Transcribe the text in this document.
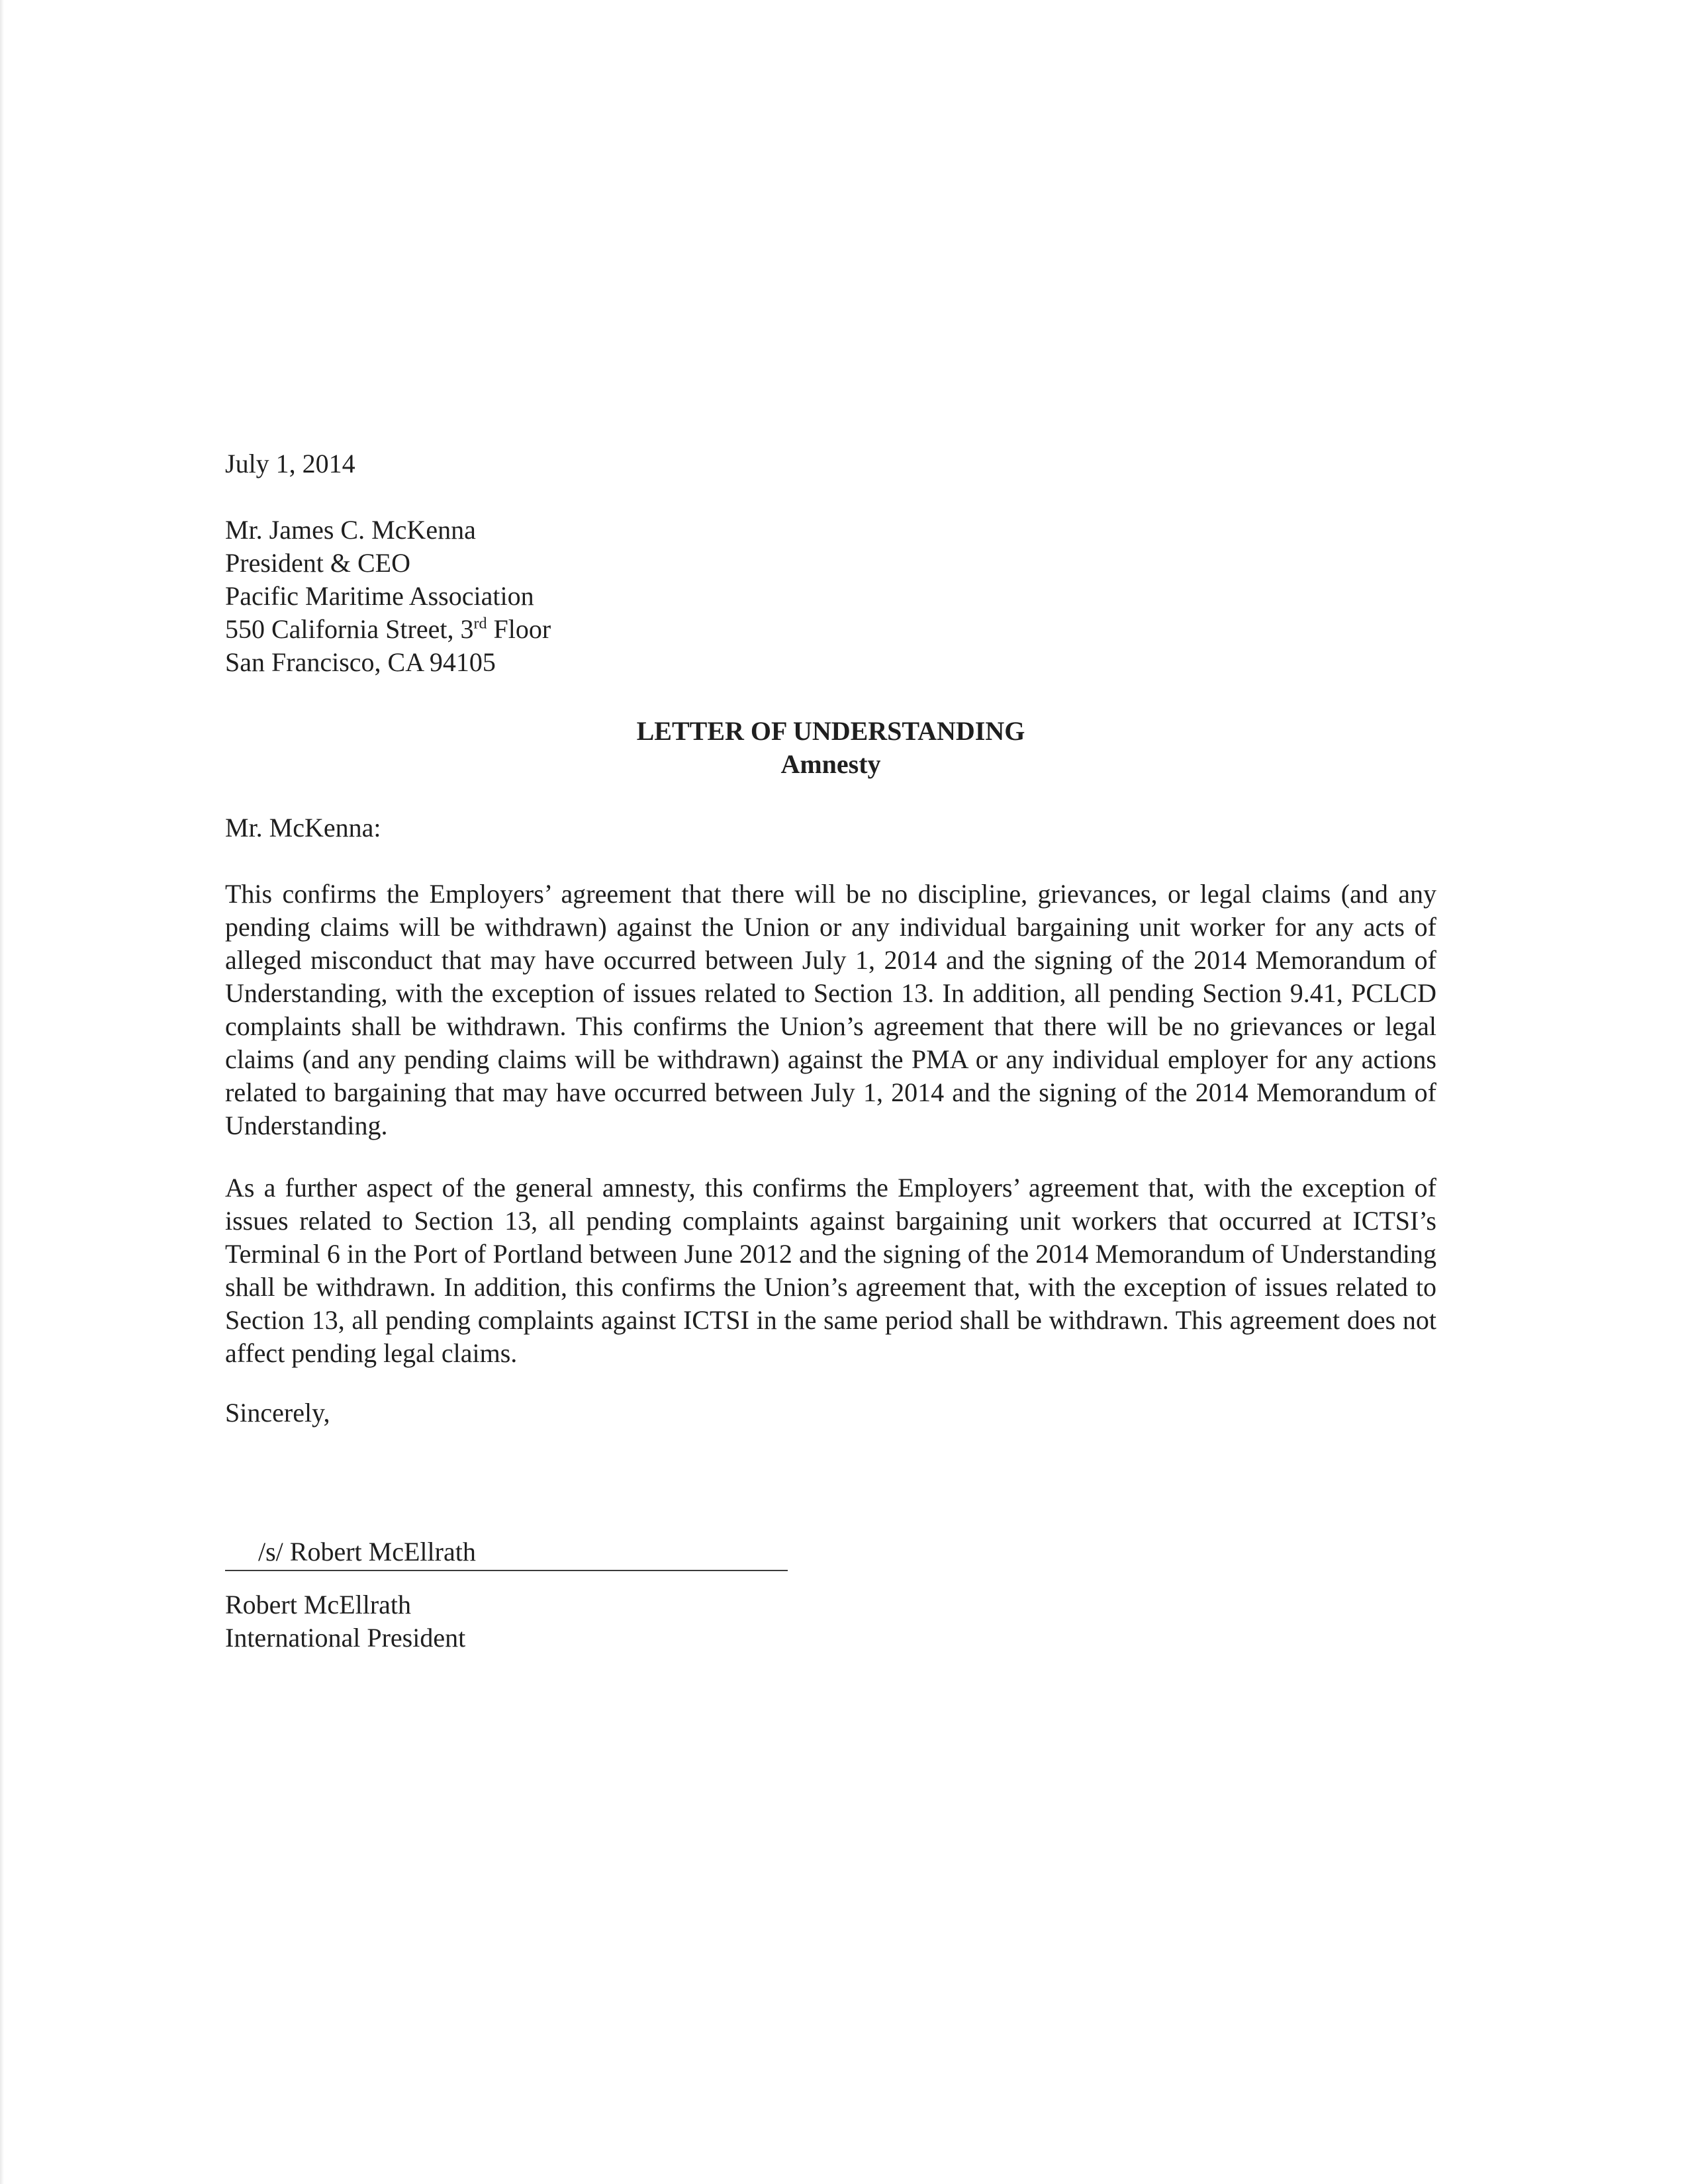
July 1, 2014
Mr. James C. McKenna
President & CEO
Pacific Maritime Association
550 California Street, 3rd Floor
San Francisco, CA 94105
LETTER OF UNDERSTANDING
Amnesty
Mr. McKenna:

This confirms the Employers’ agreement that there will be no discipline, grievances, or legal claims (and any pending claims will be withdrawn) against the Union or any individual bargaining unit worker for any acts of alleged misconduct that may have occurred between July 1, 2014 and the signing of the 2014 Memorandum of Understanding, with the exception of issues related to Section 13. In addition, all pending Section 9.41, PCLCD complaints shall be withdrawn. This confirms the Union’s agreement that there will be no grievances or legal claims (and any pending claims will be withdrawn) against the PMA or any individual employer for any actions related to bargaining that may have occurred between July 1, 2014 and the signing of the 2014 Memorandum of Understanding.

As a further aspect of the general amnesty, this confirms the Employers’ agreement that, with the exception of issues related to Section 13, all pending complaints against bargaining unit workers that occurred at ICTSI’s Terminal 6 in the Port of Portland between June 2012 and the signing of the 2014 Memorandum of Understanding shall be withdrawn. In addition, this confirms the Union’s agreement that, with the exception of issues related to Section 13, all pending complaints against ICTSI in the same period shall be withdrawn. This agreement does not affect pending legal claims.

Sincerely,
/s/ Robert McEllrath
Robert McEllrath
International President
